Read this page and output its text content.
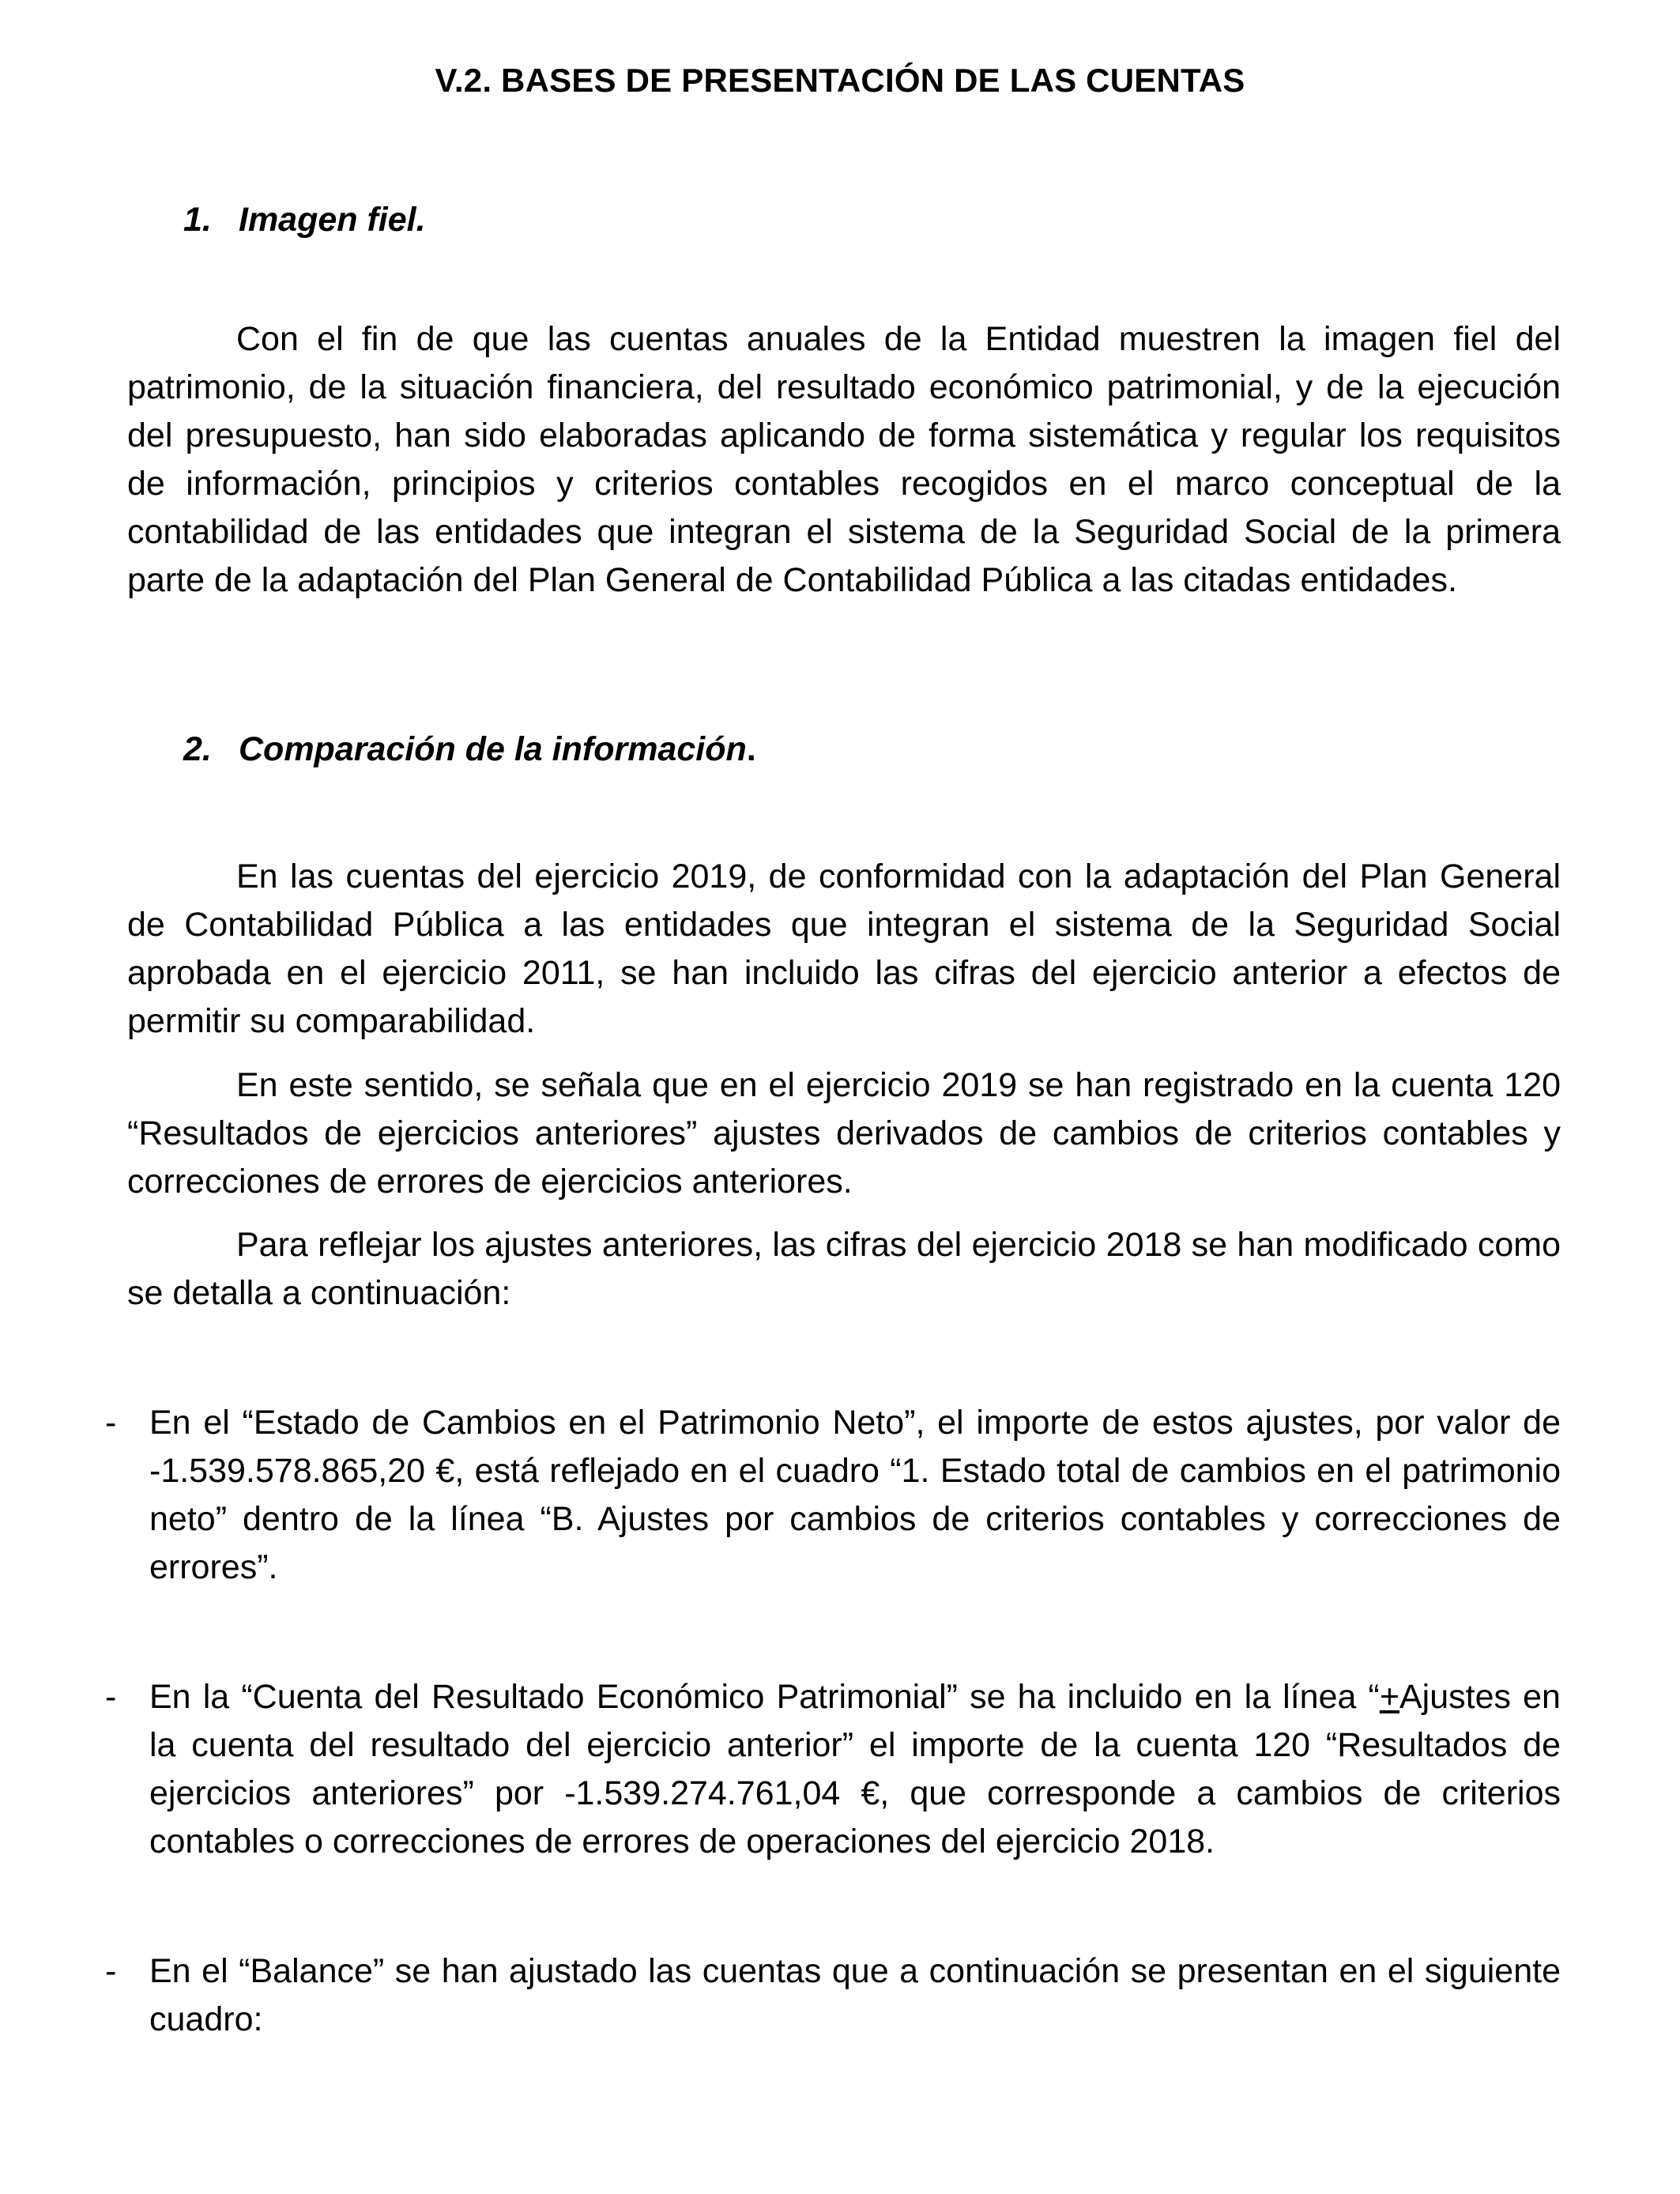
V.2. BASES DE PRESENTACIÓN DE LAS CUENTAS
1. Imagen fiel.

Con el fin de que las cuentas anuales de la Entidad muestren la imagen fiel del patrimonio, de la situación financiera, del resultado económico patrimonial, y de la ejecución del presupuesto, han sido elaboradas aplicando de forma sistemática y regular los requisitos de información, principios y criterios contables recogidos en el marco conceptual de la contabilidad de las entidades que integran el sistema de la Seguridad Social de la primera parte de la adaptación del Plan General de Contabilidad Pública a las citadas entidades.

2. Comparación de la información.

En las cuentas del ejercicio 2019, de conformidad con la adaptación del Plan General de Contabilidad Pública a las entidades que integran el sistema de la Seguridad Social aprobada en el ejercicio 2011, se han incluido las cifras del ejercicio anterior a efectos de permitir su comparabilidad.

En este sentido, se señala que en el ejercicio 2019 se han registrado en la cuenta 120 “Resultados de ejercicios anteriores” ajustes derivados de cambios de criterios contables y correcciones de errores de ejercicios anteriores.

Para reflejar los ajustes anteriores, las cifras del ejercicio 2018 se han modificado como se detalla a continuación:

- En el “Estado de Cambios en el Patrimonio Neto”, el importe de estos ajustes, por valor de -1.539.578.865,20 €, está reflejado en el cuadro “1. Estado total de cambios en el patrimonio neto” dentro de la línea “B. Ajustes por cambios de criterios contables y correcciones de errores”.

- En la “Cuenta del Resultado Económico Patrimonial” se ha incluido en la línea “+Ajustes en la cuenta del resultado del ejercicio anterior” el importe de la cuenta 120 “Resultados de ejercicios anteriores” por -1.539.274.761,04 €, que corresponde a cambios de criterios contables o correcciones de errores de operaciones del ejercicio 2018.

- En el “Balance” se han ajustado las cuentas que a continuación se presentan en el siguiente cuadro:
